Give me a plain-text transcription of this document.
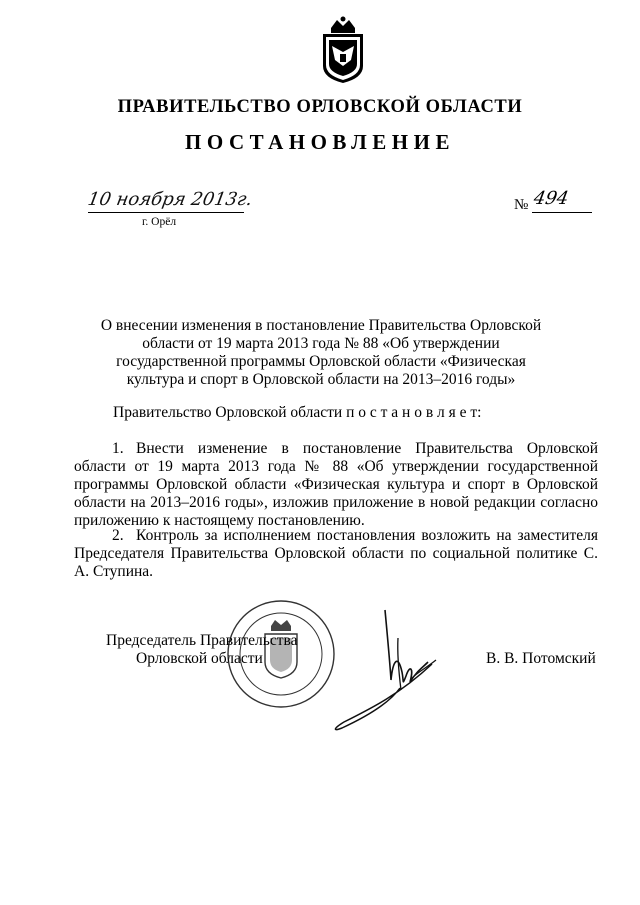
ПРАВИТЕЛЬСТВО ОРЛОВСКОЙ ОБЛАСТИ
ПОСТАНОВЛЕНИЕ
10 ноября 2013г.
г. Орёл
№ 494
О внесении изменения в постановление Правительства Орловской области от 19 марта 2013 года № 88 «Об утверждении государственной программы Орловской области «Физическая культура и спорт в Орловской области на 2013–2016 годы»
Правительство Орловской области п о с т а н о в л я е т:
1. Внести изменение в постановление Правительства Орловской области от 19 марта 2013 года № 88 «Об утверждении государственной программы Орловской области «Физическая культура и спорт в Орловской области на 2013–2016 годы», изложив приложение в новой редакции согласно приложению к настоящему постановлению.
2. Контроль за исполнением постановления возложить на заместителя Председателя Правительства Орловской области по социальной политике С. А. Ступина.
Председатель Правительства
Орловской области	В. В. Потомский
